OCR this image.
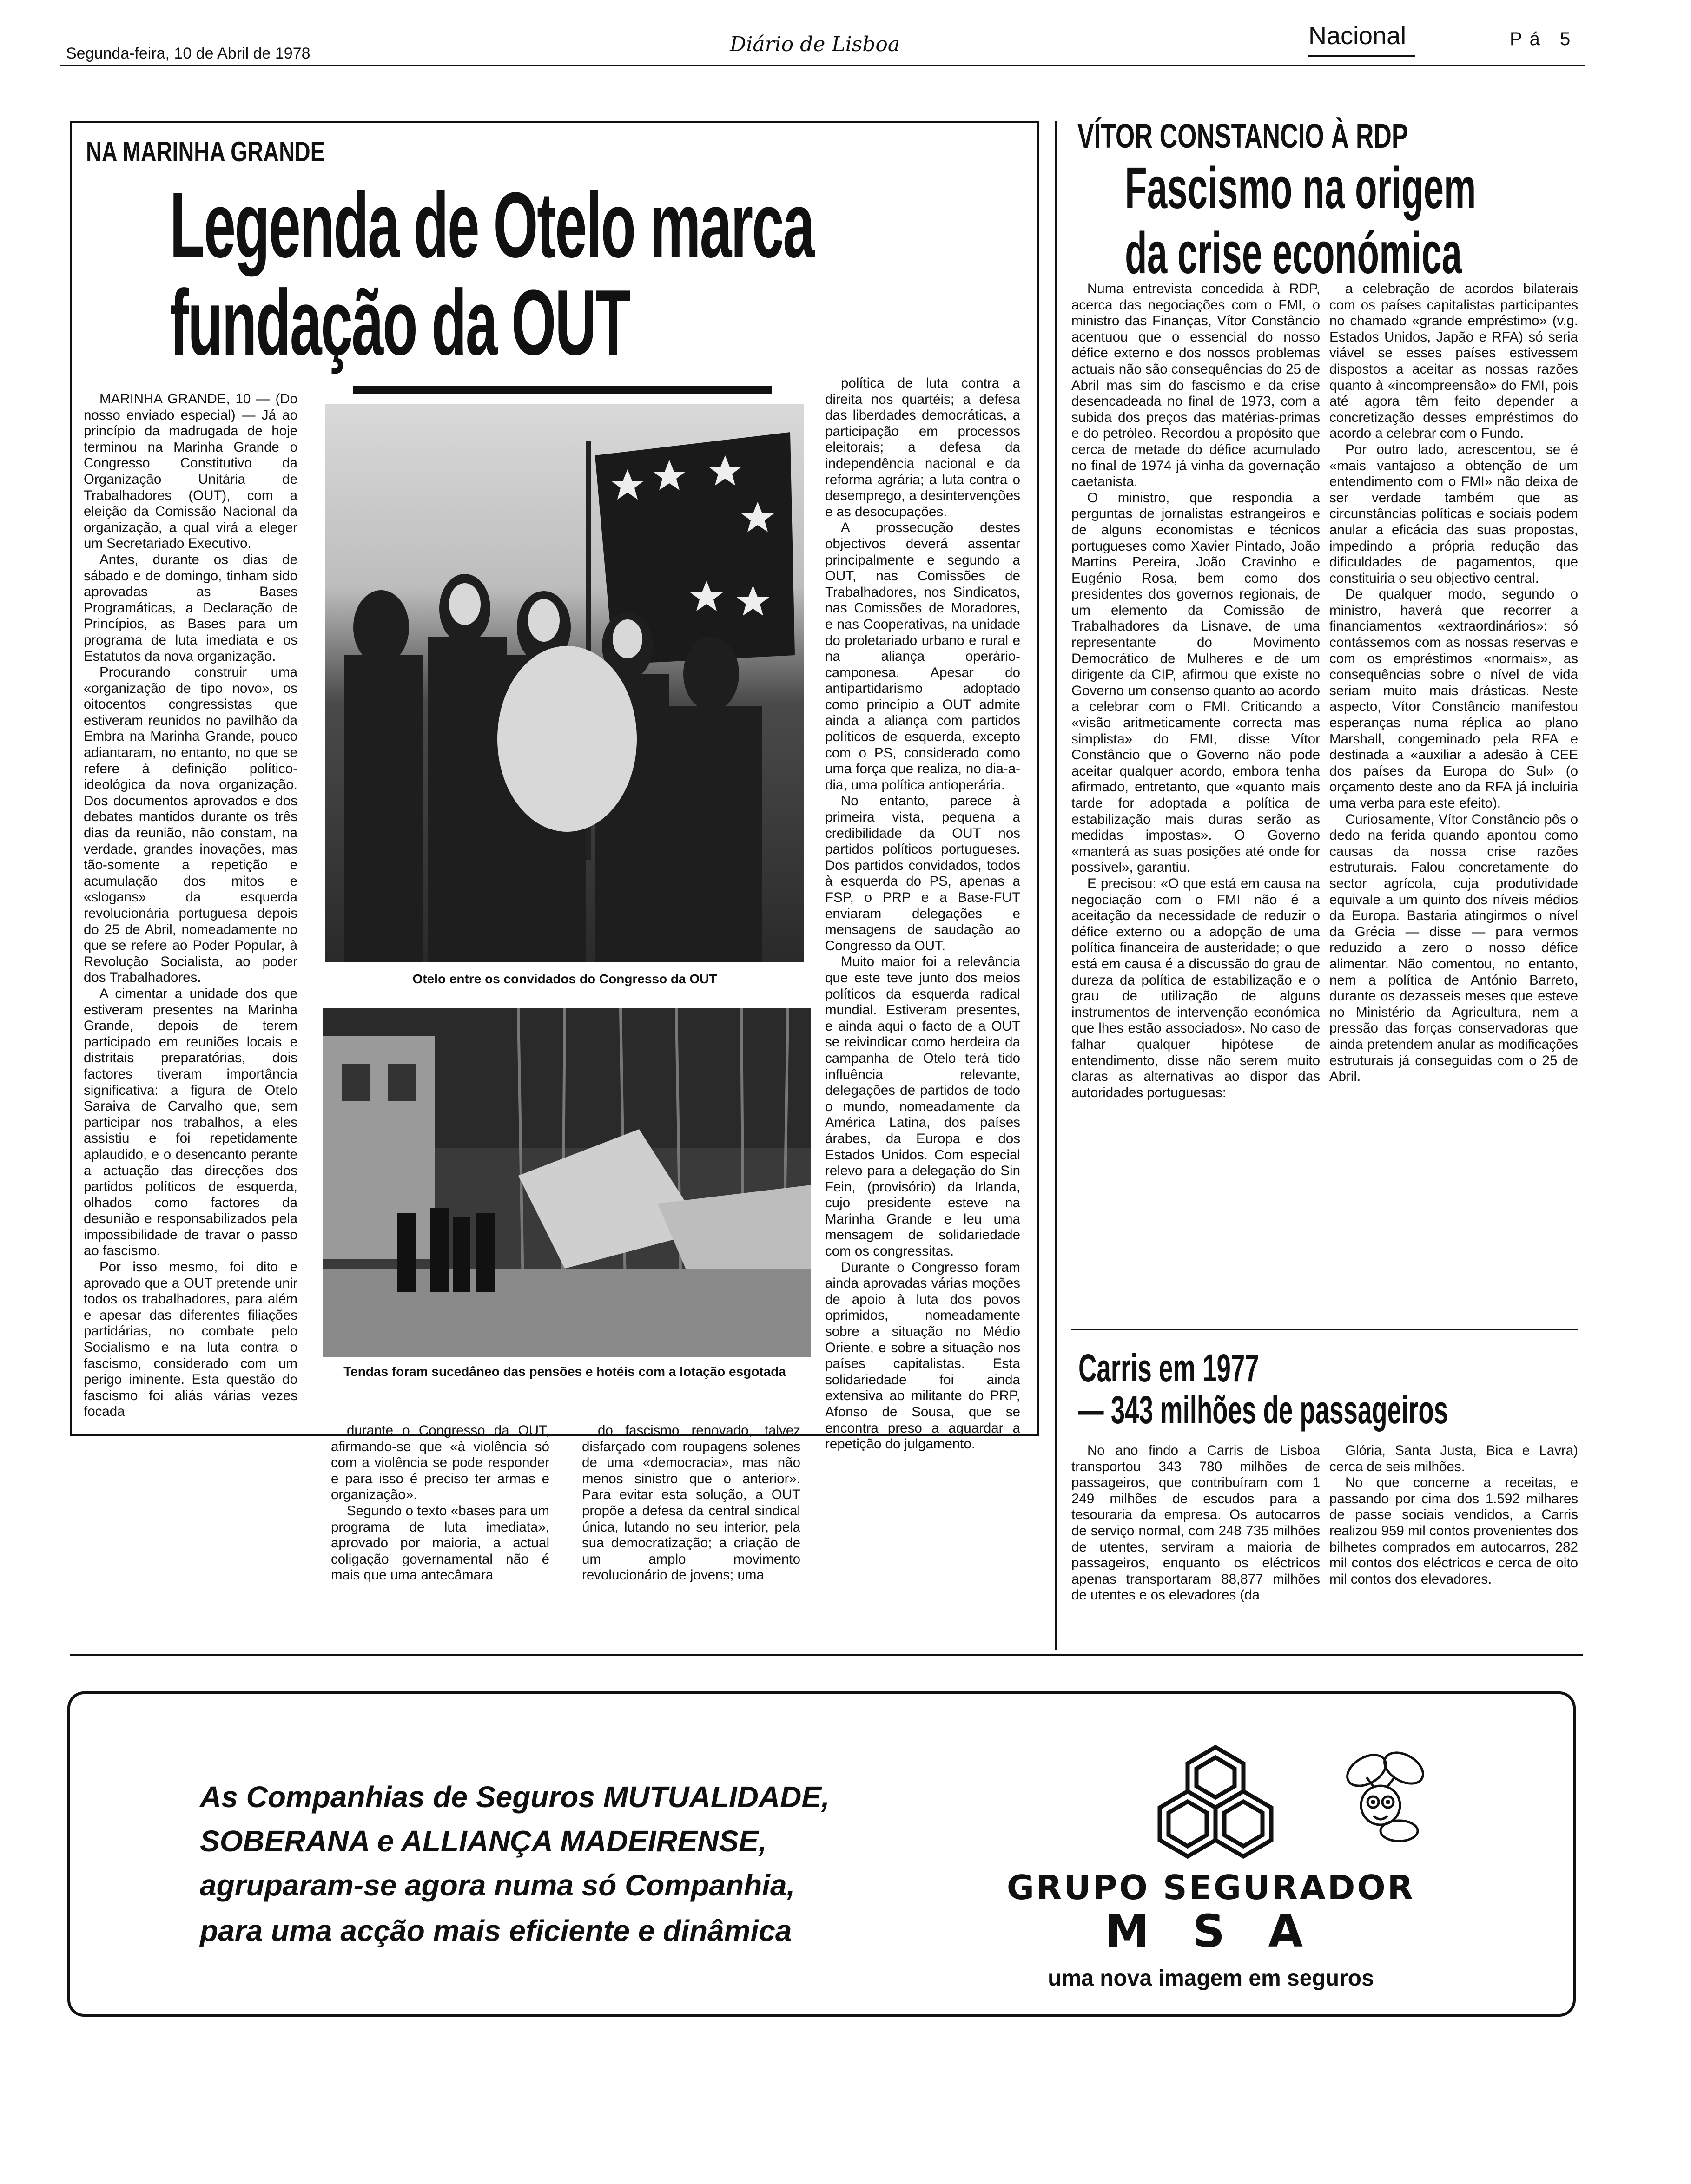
Segunda-feira, 10 de Abril de 1978	Diário de Lisboa	Nacional	Pá 5
NA MARINHA GRANDE
Legenda de Otelo marca
fundação da OUT

MARINHA GRANDE, 10 — (Do nosso enviado especial) — Já ao princípio da madrugada de hoje terminou na Marinha Grande o Congresso Constitutivo da Organização Unitária de Trabalhadores (OUT), com a eleição da Comissão Nacional da organização, a qual virá a eleger um Secretariado Executivo.

Antes, durante os dias de sábado e de domingo, tinham sido aprovadas as Bases Programáticas, a Declaração de Princípios, as Bases para um programa de luta imediata e os Estatutos da nova organização.

Procurando construir uma «organização de tipo novo», os oitocentos congressistas que estiveram reunidos no pavilhão da Embra na Marinha Grande, pouco adiantaram, no entanto, no que se refere à definição político-ideológica da nova organização. Dos documentos aprovados e dos debates mantidos durante os três dias da reunião, não constam, na verdade, grandes inovações, mas tão-somente a repetição e acumulação dos mitos e «slogans» da esquerda revolucionária portuguesa depois do 25 de Abril, nomeadamente no que se refere ao Poder Popular, à Revolução Socialista, ao poder dos Trabalhadores.

A cimentar a unidade dos que estiveram presentes na Marinha Grande, depois de terem participado em reuniões locais e distritais preparatórias, dois factores tiveram importância significativa: a figura de Otelo Saraiva de Carvalho que, sem participar nos trabalhos, a eles assistiu e foi repetidamente aplaudido, e o desencanto perante a actuação das direcções dos partidos políticos de esquerda, olhados como factores da desunião e responsabilizados pela impossibilidade de travar o passo ao fascismo.

Por isso mesmo, foi dito e aprovado que a OUT pretende unir todos os trabalhadores, para além e apesar das diferentes filiações partidárias, no combate pelo Socialismo e na luta contra o fascismo, considerado com um perigo iminente. Esta questão do fascismo foi aliás várias vezes focada

Otelo entre os convidados do Congresso da OUT
Tendas foram sucedâneo das pensões e hotéis com a lotação esgotada

política de luta contra a direita nos quartéis; a defesa das liberdades democráticas, a participação em processos eleitorais; a defesa da independência nacional e da reforma agrária; a luta contra o desemprego, a desintervenções e as desocupações.

A prossecução destes objectivos deverá assentar principalmente e segundo a OUT, nas Comissões de Trabalhadores, nos Sindicatos, nas Comissões de Moradores, e nas Cooperativas, na unidade do proletariado urbano e rural e na aliança operário-camponesa. Apesar do antipartidarismo adoptado como princípio a OUT admite ainda a aliança com partidos políticos de esquerda, excepto com o PS, considerado como uma força que realiza, no dia-a-dia, uma política antioperária.

No entanto, parece à primeira vista, pequena a credibilidade da OUT nos partidos políticos portugueses. Dos partidos convidados, todos à esquerda do PS, apenas a FSP, o PRP e a Base-FUT enviaram delegações e mensagens de saudação ao Congresso da OUT.

Muito maior foi a relevância que este teve junto dos meios políticos da esquerda radical mundial. Estiveram presentes, e ainda aqui o facto de a OUT se reivindicar como herdeira da campanha de Otelo terá tido influência relevante, delegações de partidos de todo o mundo, nomeadamente da América Latina, dos países árabes, da Europa e dos Estados Unidos. Com especial relevo para a delegação do Sin Fein, (provisório) da Irlanda, cujo presidente esteve na Marinha Grande e leu uma mensagem de solidariedade com os congressitas.

Durante o Congresso foram ainda aprovadas várias moções de apoio à luta dos povos oprimidos, nomeadamente sobre a situação no Médio Oriente, e sobre a situação nos países capitalistas. Esta solidariedade foi ainda extensiva ao militante do PRP, Afonso de Sousa, que se encontra preso a aguardar a repetição do julgamento.

durante o Congresso da OUT, afirmando-se que «à violência só com a violência se pode responder e para isso é preciso ter armas e organização».

Segundo o texto «bases para um programa de luta imediata», aprovado por maioria, a actual coligação governamental não é mais que uma antecâmara

do fascismo renovado, talvez disfarçado com roupagens solenes de uma «democracia», mas não menos sinistro que o anterior». Para evitar esta solução, a OUT propõe a defesa da central sindical única, lutando no seu interior, pela sua democratização; a criação de um amplo movimento revolucionário de jovens; uma

VÍTOR CONSTANCIO À RDP
Fascismo na origem
da crise económica

Numa entrevista concedida à RDP, acerca das negociações com o FMI, o ministro das Finanças, Vítor Constâncio acentuou que o essencial do nosso défice externo e dos nossos problemas actuais não são consequências do 25 de Abril mas sim do fascismo e da crise desencadeada no final de 1973, com a subida dos preços das matérias-primas e do petróleo. Recordou a propósito que cerca de metade do défice acumulado no final de 1974 já vinha da governação caetanista.

O ministro, que respondia a perguntas de jornalistas estrangeiros e de alguns economistas e técnicos portugueses como Xavier Pintado, João Martins Pereira, João Cravinho e Eugénio Rosa, bem como dos presidentes dos governos regionais, de um elemento da Comissão de Trabalhadores da Lisnave, de uma representante do Movimento Democrático de Mulheres e de um dirigente da CIP, afirmou que existe no Governo um consenso quanto ao acordo a celebrar com o FMI. Criticando a «visão aritmeticamente correcta mas simplista» do FMI, disse Vítor Constâncio que o Governo não pode aceitar qualquer acordo, embora tenha afirmado, entretanto, que «quanto mais tarde for adoptada a política de estabilização mais duras serão as medidas impostas». O Governo «manterá as suas posições até onde for possível», garantiu.

E precisou: «O que está em causa na negociação com o FMI não é a aceitação da necessidade de reduzir o défice externo ou a adopção de uma política financeira de austeridade; o que está em causa é a discussão do grau de dureza da política de estabilização e o grau de utilização de alguns instrumentos de intervenção económica que lhes estão associados». No caso de falhar qualquer hipótese de entendimento, disse não serem muito claras as alternativas ao dispor das autoridades portuguesas:

a celebração de acordos bilaterais com os países capitalistas participantes no chamado «grande empréstimo» (v.g. Estados Unidos, Japão e RFA) só seria viável se esses países estivessem dispostos a aceitar as nossas razões quanto à «incompreensão» do FMI, pois até agora têm feito depender a concretização desses empréstimos do acordo a celebrar com o Fundo.

Por outro lado, acrescentou, se é «mais vantajoso a obtenção de um entendimento com o FMI» não deixa de ser verdade também que as circunstâncias políticas e sociais podem anular a eficácia das suas propostas, impedindo a própria redução das dificuldades de pagamentos, que constituiria o seu objectivo central.

De qualquer modo, segundo o ministro, haverá que recorrer a financiamentos «extraordinários»: só contássemos com as nossas reservas e com os empréstimos «normais», as consequências sobre o nível de vida seriam muito mais drásticas. Neste aspecto, Vítor Constâncio manifestou esperanças numa réplica ao plano Marshall, congeminado pela RFA e destinada a «auxiliar a adesão à CEE dos países da Europa do Sul» (o orçamento deste ano da RFA já incluiria uma verba para este efeito).

Curiosamente, Vítor Constâncio pôs o dedo na ferida quando apontou como causas da nossa crise razões estruturais. Falou concretamente do sector agrícola, cuja produtividade equivale a um quinto dos níveis médios da Europa. Bastaria atingirmos o nível da Grécia — disse — para vermos reduzido a zero o nosso défice alimentar. Não comentou, no entanto, nem a política de António Barreto, durante os dezasseis meses que esteve no Ministério da Agricultura, nem a pressão das forças conservadoras que ainda pretendem anular as modificações estruturais já conseguidas com o 25 de Abril.

Carris em 1977
— 343 milhões de passageiros

No ano findo a Carris de Lisboa transportou 343 780 milhões de passageiros, que contribuíram com 1 249 milhões de escudos para a tesouraria da empresa. Os autocarros de serviço normal, com 248 735 milhões de utentes, serviram a maioria de passageiros, enquanto os eléctricos apenas transportaram 88,877 milhões de utentes e os elevadores (da

Glória, Santa Justa, Bica e Lavra) cerca de seis milhões.

No que concerne a receitas, e passando por cima dos 1.592 milhares de passe sociais vendidos, a Carris realizou 959 mil contos provenientes dos bilhetes comprados em autocarros, 282 mil contos dos eléctricos e cerca de oito mil contos dos elevadores.

As Companhias de Seguros MUTUALIDADE,
SOBERANA e ALLIANÇA MADEIRENSE,
agruparam-se agora numa só Companhia,
para uma acção mais eficiente e dinâmica
GRUPO SEGURADOR
M S A
uma nova imagem em seguros
